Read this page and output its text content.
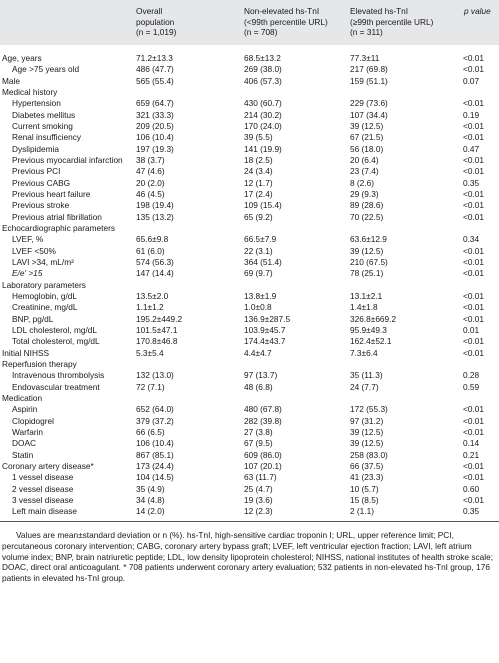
	Overall
population
(n = 1,019)	Non-elevated hs-TnI
(<99th percentile URL)
(n = 708)	Elevated hs-TnI
(≥99th percentile URL)
(n = 311)	p value
Age, years	71.2±13.3	68.5±13.2	77.3±11	<0.01
Age >75 years old	486 (47.7)	269 (38.0)	217 (69.8)	<0.01
Male	565 (55.4)	406 (57.3)	159 (51.1)	0.07
Medical history				
Hypertension	659 (64.7)	430 (60.7)	229 (73.6)	<0.01
Diabetes mellitus	321 (33.3)	214 (30.2)	107 (34.4)	0.19
Current smoking	209 (20.5)	170 (24.0)	39 (12.5)	<0.01
Renal insufficiency	106 (10.4)	39 (5.5)	67 (21.5)	<0.01
Dyslipidemia	197 (19.3)	141 (19.9)	56 (18.0)	0.47
Previous myocardial infarction	38 (3.7)	18 (2.5)	20 (6.4)	<0.01
Previous PCI	47 (4.6)	24 (3.4)	23 (7.4)	<0.01
Previous CABG	20 (2.0)	12 (1.7)	8 (2.6)	0.35
Previous heart failure	46 (4.5)	17 (2.4)	29 (9.3)	<0.01
Previous stroke	198 (19.4)	109 (15.4)	89 (28.6)	<0.01
Previous atrial fibrillation	135 (13.2)	65 (9.2)	70 (22.5)	<0.01
Echocardiographic parameters				
LVEF, %	65.6±9.8	66.5±7.9	63.6±12.9	0.34
LVEF <50%	61 (6.0)	22 (3.1)	39 (12.5)	<0.01
LAVI >34, mL/m²	574 (56.3)	364 (51.4)	210 (67.5)	<0.01
E/e′ >15	147 (14.4)	69 (9.7)	78 (25.1)	<0.01
Laboratory parameters				
Hemoglobin, g/dL	13.5±2.0	13.8±1.9	13.1±2.1	<0.01
Creatinine, mg/dL	1.1±1.2	1.0±0.8	1.4±1.8	<0.01
BNP, pg/dL	195.2±449.2	136.9±287.5	326.8±669.2	<0.01
LDL cholesterol, mg/dL	101.5±47.1	103.9±45.7	95.9±49.3	0.01
Total cholesterol, mg/dL	170.8±46.8	174.4±43.7	162.4±52.1	<0.01
Initial NIHSS	5.3±5.4	4.4±4.7	7.3±6.4	<0.01
Reperfusion therapy				
Intravenous thrombolysis	132 (13.0)	97 (13.7)	35 (11.3)	0.28
Endovascular treatment	72 (7.1)	48 (6.8)	24 (7.7)	0.59
Medication				
Aspirin	652 (64.0)	480 (67.8)	172 (55.3)	<0.01
Clopidogrel	379 (37.2)	282 (39.8)	97 (31.2)	<0.01
Warfarin	66 (6.5)	27 (3.8)	39 (12.5)	<0.01
DOAC	106 (10.4)	67 (9.5)	39 (12.5)	0.14
Statin	867 (85.1)	609 (86.0)	258 (83.0)	0.21
Coronary artery disease*	173 (24.4)	107 (20.1)	66 (37.5)	<0.01
1 vessel disease	104 (14.5)	63 (11.7)	41 (23.3)	<0.01
2 vessel disease	35 (4.9)	25 (4.7)	10 (5.7)	0.60
3 vessel disease	34 (4.8)	19 (3.6)	15 (8.5)	<0.01
Left main disease	14 (2.0)	12 (2.3)	2 (1.1)	0.35

Values are mean±standard deviation or n (%). hs-TnI, high-sensitive cardiac troponin I; URL, upper reference limit; PCI, percutaneous coronary intervention; CABG, coronary artery bypass graft; LVEF, left ventricular ejection fraction; LAVI, left atrium volume index; BNP, brain natriuretic peptide; LDL, low density lipoprotein cholesterol; NIHSS, national institutes of health stroke scale; DOAC, direct oral anticoagulant. * 708 patients underwent coronary artery evaluation; 532 patients in non-elevated hs-TnI group, 176 patients in elevated hs-TnI group.
